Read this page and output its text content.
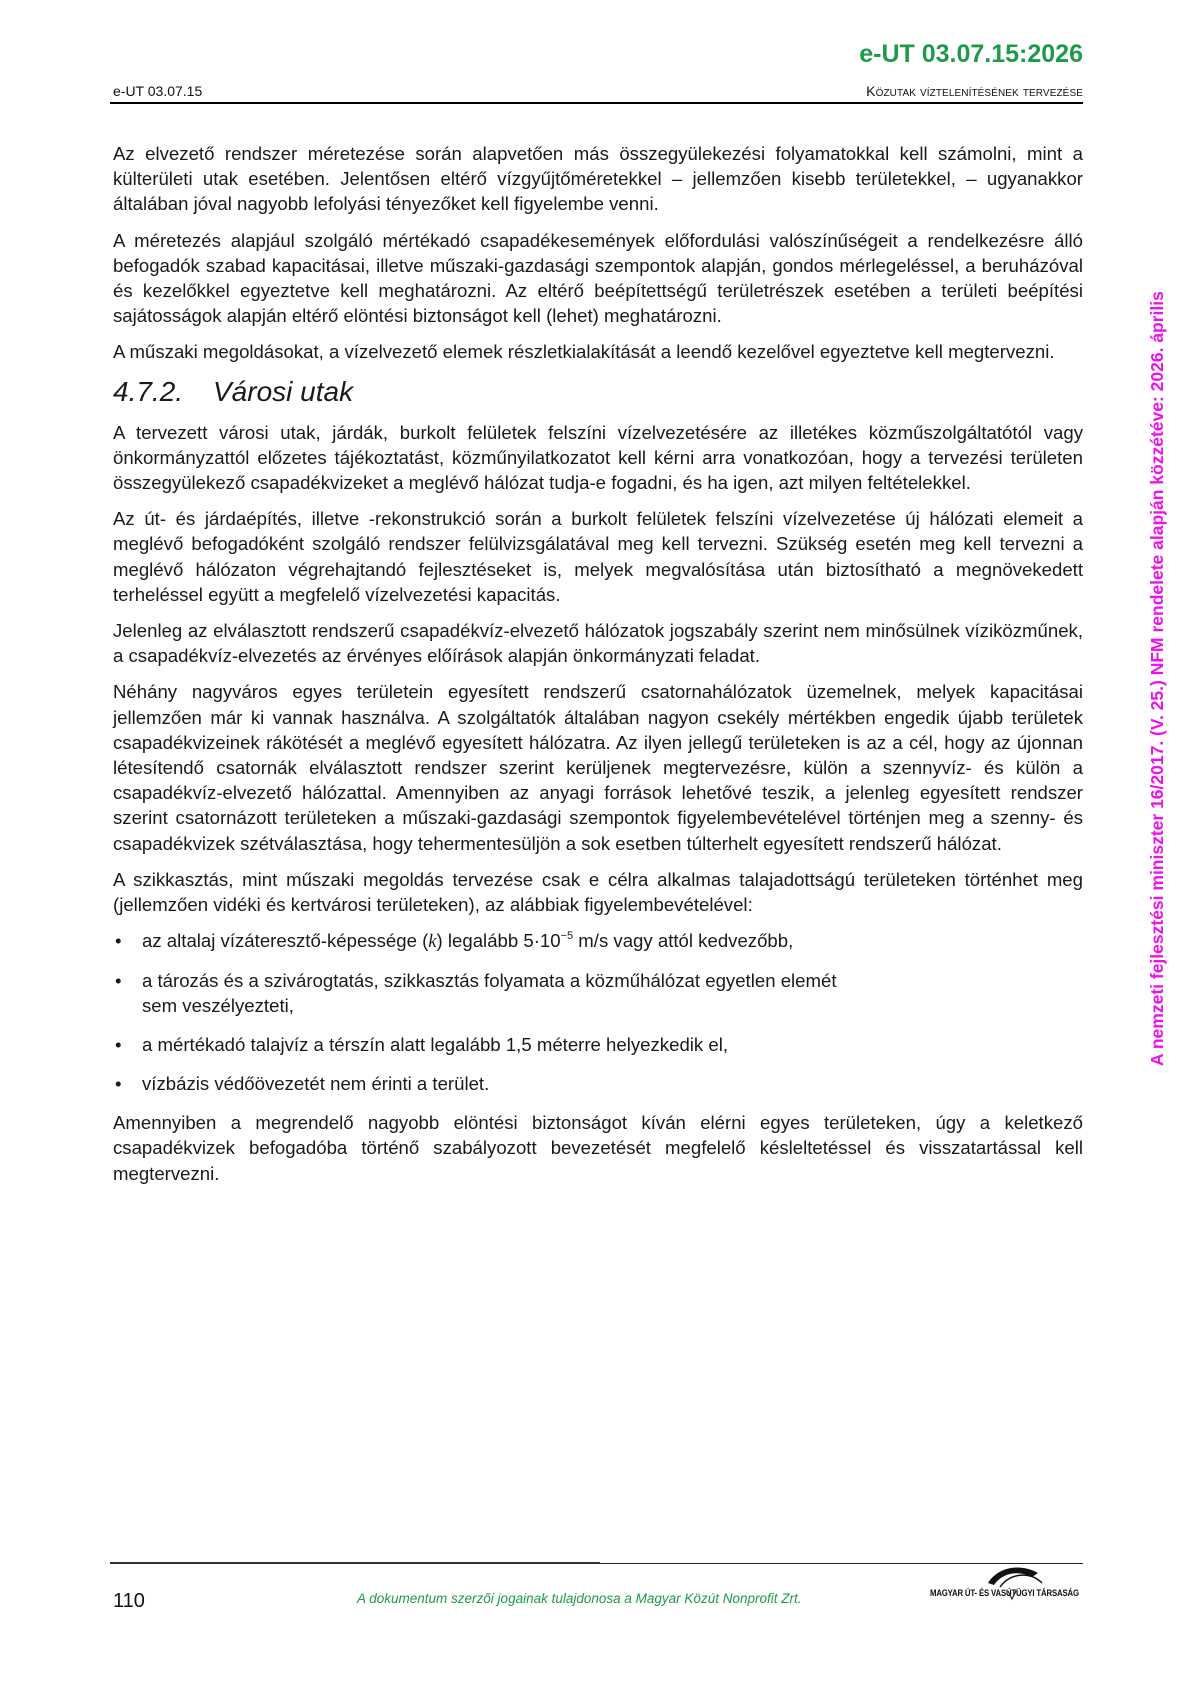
e-UT 03.07.15:2026
e-UT 03.07.15	Közutak víztelenítésének tervezése

Az elvezető rendszer méretezése során alapvetően más összegyülekezési folyamatokkal kell számolni, mint a külterületi utak esetében. Jelentősen eltérő vízgyűjtőméretekkel – jellemzően kisebb területekkel, – ugyanakkor általában jóval nagyobb lefolyási tényezőket kell figyelembe venni.

A méretezés alapjául szolgáló mértékadó csapadékesemények előfordulási valószínűségeit a rendelkezésre álló befogadók szabad kapacitásai, illetve műszaki-gazdasági szempontok alapján, gondos mérlegeléssel, a beruházóval és kezelőkkel egyeztetve kell meghatározni. Az eltérő beépítettségű területrészek esetében a területi beépítési sajátosságok alapján eltérő elöntési biztonságot kell (lehet) meghatározni.

A műszaki megoldásokat, a vízelvezető elemek részletkialakítását a leendő kezelővel egyeztetve kell megtervezni.

4.7.2. Városi utak

A tervezett városi utak, járdák, burkolt felületek felszíni vízelvezetésére az illetékes közműszolgáltatótól vagy önkormányzattól előzetes tájékoztatást, közműnyilatkozatot kell kérni arra vonatkozóan, hogy a tervezési területen összegyülekező csapadékvizeket a meglévő hálózat tudja-e fogadni, és ha igen, azt milyen feltételekkel.

Az út- és járdaépítés, illetve -rekonstrukció során a burkolt felületek felszíni vízelvezetése új hálózati elemeit a meglévő befogadóként szolgáló rendszer felülvizsgálatával meg kell tervezni. Szükség esetén meg kell tervezni a meglévő hálózaton végrehajtandó fejlesztéseket is, melyek megvalósítása után biztosítható a megnövekedett terheléssel együtt a megfelelő vízelvezetési kapacitás.

Jelenleg az elválasztott rendszerű csapadékvíz-elvezető hálózatok jogszabály szerint nem minősülnek víziközműnek, a csapadékvíz-elvezetés az érvényes előírások alapján önkormányzati feladat.

Néhány nagyváros egyes területein egyesített rendszerű csatornahálózatok üzemelnek, melyek kapacitásai jellemzően már ki vannak használva. A szolgáltatók általában nagyon csekély mértékben engedik újabb területek csapadékvizeinek rákötését a meglévő egyesített hálózatra. Az ilyen jellegű területeken is az a cél, hogy az újonnan létesítendő csatornák elválasztott rendszer szerint kerüljenek megtervezésre, külön a szennyvíz- és külön a csapadékvíz-elvezető hálózattal. Amennyiben az anyagi források lehetővé teszik, a jelenleg egyesített rendszer szerint csatornázott területeken a műszaki-gazdasági szempontok figyelembevételével történjen meg a szenny- és csapadékvizek szétválasztása, hogy tehermentesüljön a sok esetben túlterhelt egyesített rendszerű hálózat.

A szikkasztás, mint műszaki megoldás tervezése csak e célra alkalmas talajadottságú területeken történhet meg (jellemzően vidéki és kertvárosi területeken), az alábbiak figyelembevételével:

• az altalaj vízáteresztő-képessége (k) legalább $5\cdot 10^{-5}$ m/s vagy attól kedvezőbb,
• a tározás és a szivárogtatás, szikkasztás folyamata a közműhálózat egyetlen elemét sem veszélyezteti,
• a mértékadó talajvíz a térszín alatt legalább 1,5 méterre helyezkedik el,
• vízbázis védőövezetét nem érinti a terület.

Amennyiben a megrendelő nagyobb elöntési biztonságot kíván elérni egyes területeken, úgy a keletkező csapadékvizek befogadóba történő szabályozott bevezetését megfelelő késleltetéssel és visszatartással kell megtervezni.

A nemzeti fejlesztési miniszter 16/2017. (V. 25.) NFM rendelete alapján közzétéve: 2026. április
110	A dokumentum szerzői jogainak tulajdonosa a Magyar Közút Nonprofit Zrt.	MAGYAR ÚT- ÉS VASÚTÜGYI TÁRSASÁG
